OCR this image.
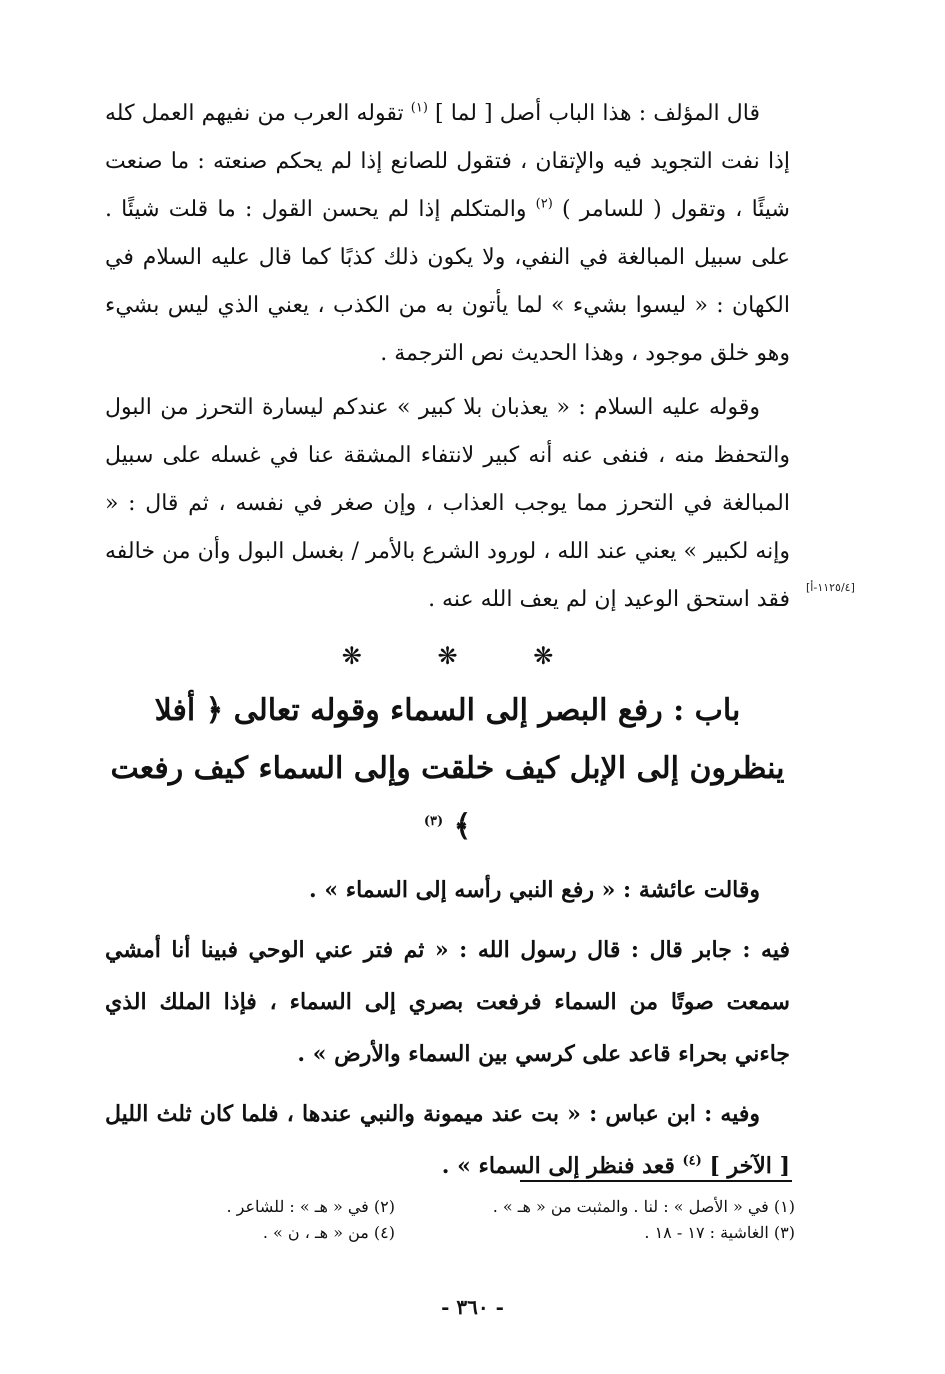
قال المؤلف : هذا الباب أصل [ لما ] $^{(١)}$ تقوله العرب من نفيهم العمل كله إذا نفت التجويد فيه والإتقان ، فتقول للصانع إذا لم يحكم صنعته : ما صنعت شيئًا ، وتقول ( للسامر ) $^{(٢)}$ والمتكلم إذا لم يحسن القول : ما قلت شيئًا . على سبيل المبالغة في النفي، ولا يكون ذلك كذبًا كما قال عليه السلام في الكهان : « ليسوا بشيء » لما يأتون به من الكذب ، يعني الذي ليس بشيء وهو خلق موجود ، وهذا الحديث نص الترجمة .

وقوله عليه السلام : « يعذبان بلا كبير » عندكم ليسارة التحرز من البول والتحفظ منه ، فنفى عنه أنه كبير لانتفاء المشقة عنا في غسله على سبيل المبالغة في التحرز مما يوجب العذاب ، وإن صغر في نفسه ، ثم قال : « وإنه لكبير » يعني عند الله ، لورود الشرع بالأمر / بغسل البول وأن من خالفه فقد استحق الوعيد إن لم يعف الله عنه .

❋	❋	❋
باب : رفع البصر إلى السماء وقوله تعالى ﴿ أفلا ينظرون إلى الإبل كيف خلقت وإلى السماء كيف رفعت ﴾ $^{(٣)}$

وقالت عائشة : « رفع النبي رأسه إلى السماء » .

فيه : جابر قال : قال رسول الله : « ثم فتر عني الوحي فبينا أنا أمشي سمعت صوتًا من السماء فرفعت بصري إلى السماء ، فإذا الملك الذي جاءني بحراء قاعد على كرسي بين السماء والأرض » .

وفيه : ابن عباس : « بت عند ميمونة والنبي عندها ، فلما كان ثلث الليل [ الآخر ] $^{(٤)}$ قعد فنظر إلى السماء » .

[١١٢٥/٤-أ]
(١) في « الأصل » : لنا . والمثبت من « هـ » .
(٢) في « هـ » : للشاعر .
(٣) الغاشية : ١٧ - ١٨ .
(٤) من « هـ ، ن » .
- ٣٦٠ -
